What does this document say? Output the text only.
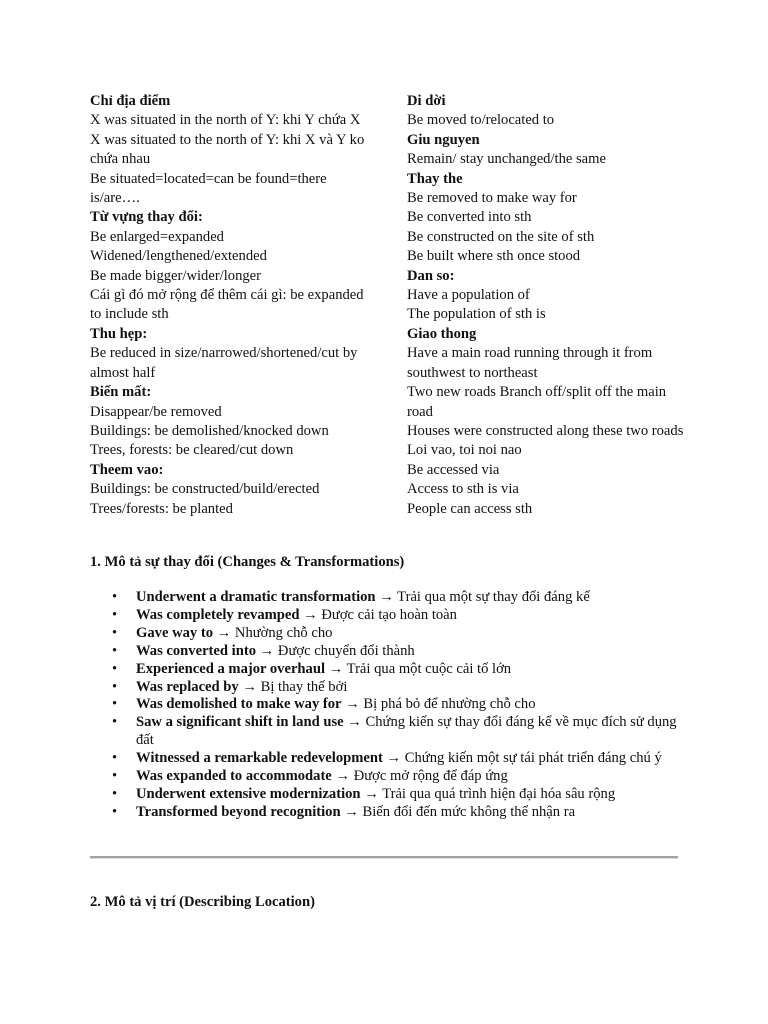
Chỉ địa điểm
X was situated in the north of Y: khi Y chứa X
X was situated to the north of Y: khi X và Y ko chứa nhau
Be situated=located=can be found=there is/are….
Từ vựng thay đổi:
Be enlarged=expanded
Widened/lengthened/extended
Be made bigger/wider/longer
Cái gì đó mở rộng để thêm cái gì: be expanded to include sth
Thu hẹp:
Be reduced in size/narrowed/shortened/cut by almost half
Biến mất:
Disappear/be removed
Buildings: be demolished/knocked down
Trees, forests: be cleared/cut down
Theem vao:
Buildings: be constructed/build/erected
Trees/forests: be planted
Di dời
Be moved to/relocated to
Giu nguyen
Remain/ stay unchanged/the same
Thay the
Be removed to make way for
Be converted into sth
Be constructed on the site of sth
Be built where sth once stood
Dan so:
Have a population of
The population of sth is
Giao thong
Have a main road running through it from southwest to northeast
Two new roads Branch off/split off the main road
Houses were constructed along these two roads
Loi vao, toi noi nao
Be accessed via
Access to sth is via
People can access sth
1. Mô tả sự thay đổi (Changes & Transformations)
• Underwent a dramatic transformation → Trải qua một sự thay đổi đáng kể
• Was completely revamped → Được cải tạo hoàn toàn
• Gave way to → Nhường chỗ cho
• Was converted into → Được chuyển đổi thành
• Experienced a major overhaul → Trải qua một cuộc cải tổ lớn
• Was replaced by → Bị thay thế bởi
• Was demolished to make way for → Bị phá bỏ để nhường chỗ cho
• Saw a significant shift in land use → Chứng kiến sự thay đổi đáng kể về mục đích sử dụng đất
• Witnessed a remarkable redevelopment → Chứng kiến một sự tái phát triển đáng chú ý
• Was expanded to accommodate → Được mở rộng để đáp ứng
• Underwent extensive modernization → Trải qua quá trình hiện đại hóa sâu rộng
• Transformed beyond recognition → Biến đổi đến mức không thể nhận ra
2. Mô tả vị trí (Describing Location)
